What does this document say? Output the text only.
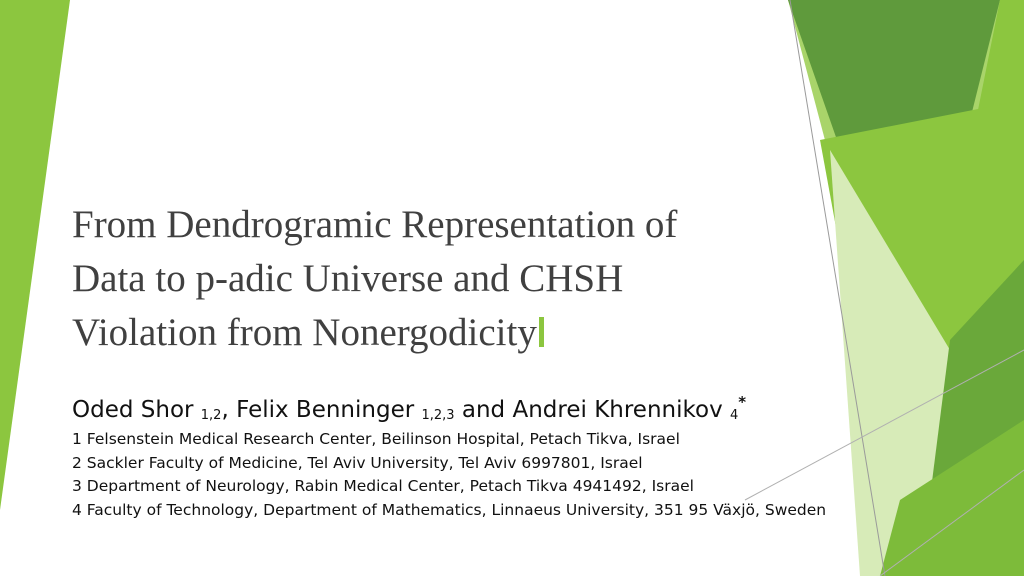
From Dendrogramic Representation of
Data to p-adic Universe and CHSH
Violation from Nonergodicity
Oded Shor $_{1,2}$, Felix Benninger $_{1,2,3}$ and Andrei Khrennikov $_4$*
1 Felsenstein Medical Research Center, Beilinson Hospital, Petach Tikva, Israel
2 Sackler Faculty of Medicine, Tel Aviv University, Tel Aviv 6997801, Israel
3 Department of Neurology, Rabin Medical Center, Petach Tikva 4941492, Israel
4 Faculty of Technology, Department of Mathematics, Linnaeus University, 351 95 Växjö, Sweden
